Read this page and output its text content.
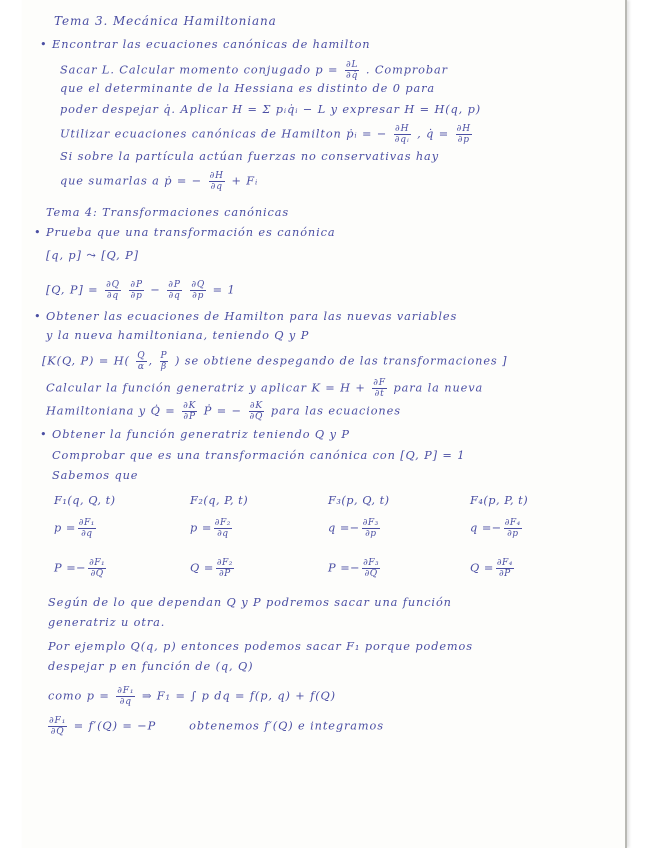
Tema 3. Mecánica Hamiltoniana
• Encontrar las ecuaciones canónicas de hamilton
Sacar L. Calcular momento conjugado $p = \frac{\partial L}{\partial q̇}$ . Comprobar
que el determinante de la Hessiana es distinto de 0 para
poder despejar q̇. Aplicar H = Σ pᵢq̇ᵢ − L y expresar H = H(q, p)
Utilizar ecuaciones canónicas de Hamilton ṗᵢ = − $\frac{\partial H}{\text{∂qᵢ}}$ , q̇ = $\frac{\partial H}{\partial p}$
Si sobre la partícula actúan fuerzas no conservativas hay
que sumarlas a ṗ = − $\frac{\partial H}{\partial q}$ + Fᵢ
Tema 4: Transformaciones canónicas
• Prueba que una transformación es canónica
[q, p] ⤳ [Q, P]
[Q, $P] = \frac{\partial Q}{\partial q}$
$\frac{\partial P}{\partial p} - \frac{\partial P}{\partial q}$
$\frac{\partial Q}{\partial p} = 1$
• Obtener las ecuaciones de Hamilton para las nuevas variables
y la nueva hamiltoniana, teniendo Q y P
[K(Q, $P) = H( \frac{Q}{\alpha}$ , $\frac{P}{\beta}$ ) se obtiene despegando de las transformaciones ]
Calcular la función generatriz y aplicar $K = H + \frac{\partial F}{\partial t}$ para la nueva
Hamiltoniana y Q̇ = $\frac{\partial K}{\partial P}$ Ṗ = − $\frac{\partial K}{\partial Q}$ para las ecuaciones
• Obtener la función generatriz teniendo Q y P
Comprobar que es una transformación canónica con [Q, P] = 1
Sabemos que
F₁(q, Q, t)	F₂(q, P, t)	F₃(p, Q, t)	F₄(p, P, t)
$p = \frac{\text{∂F₁}}{\partial q}$	$p = \frac{\text{∂F₂}}{\partial q}$	$q =- \frac{\text{∂F₃}}{\partial p}$	$q =- \frac{\text{∂F₄}}{\partial p}$
$P =- \frac{\text{∂F₁}}{\partial Q}$	$Q = \frac{\text{∂F₂}}{\partial P}$	$P =- \frac{\text{∂F₃}}{\partial Q}$	$Q = \frac{\text{∂F₄}}{\partial P}$
Según de lo que dependan Q y P podremos sacar una función
generatriz u otra.
Por ejemplo Q(q, p) entonces podemos sacar F₁ porque podemos
despejar p en función de (q, Q)
como $p = \frac{\text{∂F₁}}{\partial q}$ ⇒ F₁ = ∫ p dq = f(p, q) + f(Q)
$\frac{\text{∂F₁}}{\partial Q} = f'(Q) = -P$	obtenemos f′(Q) e integramos
